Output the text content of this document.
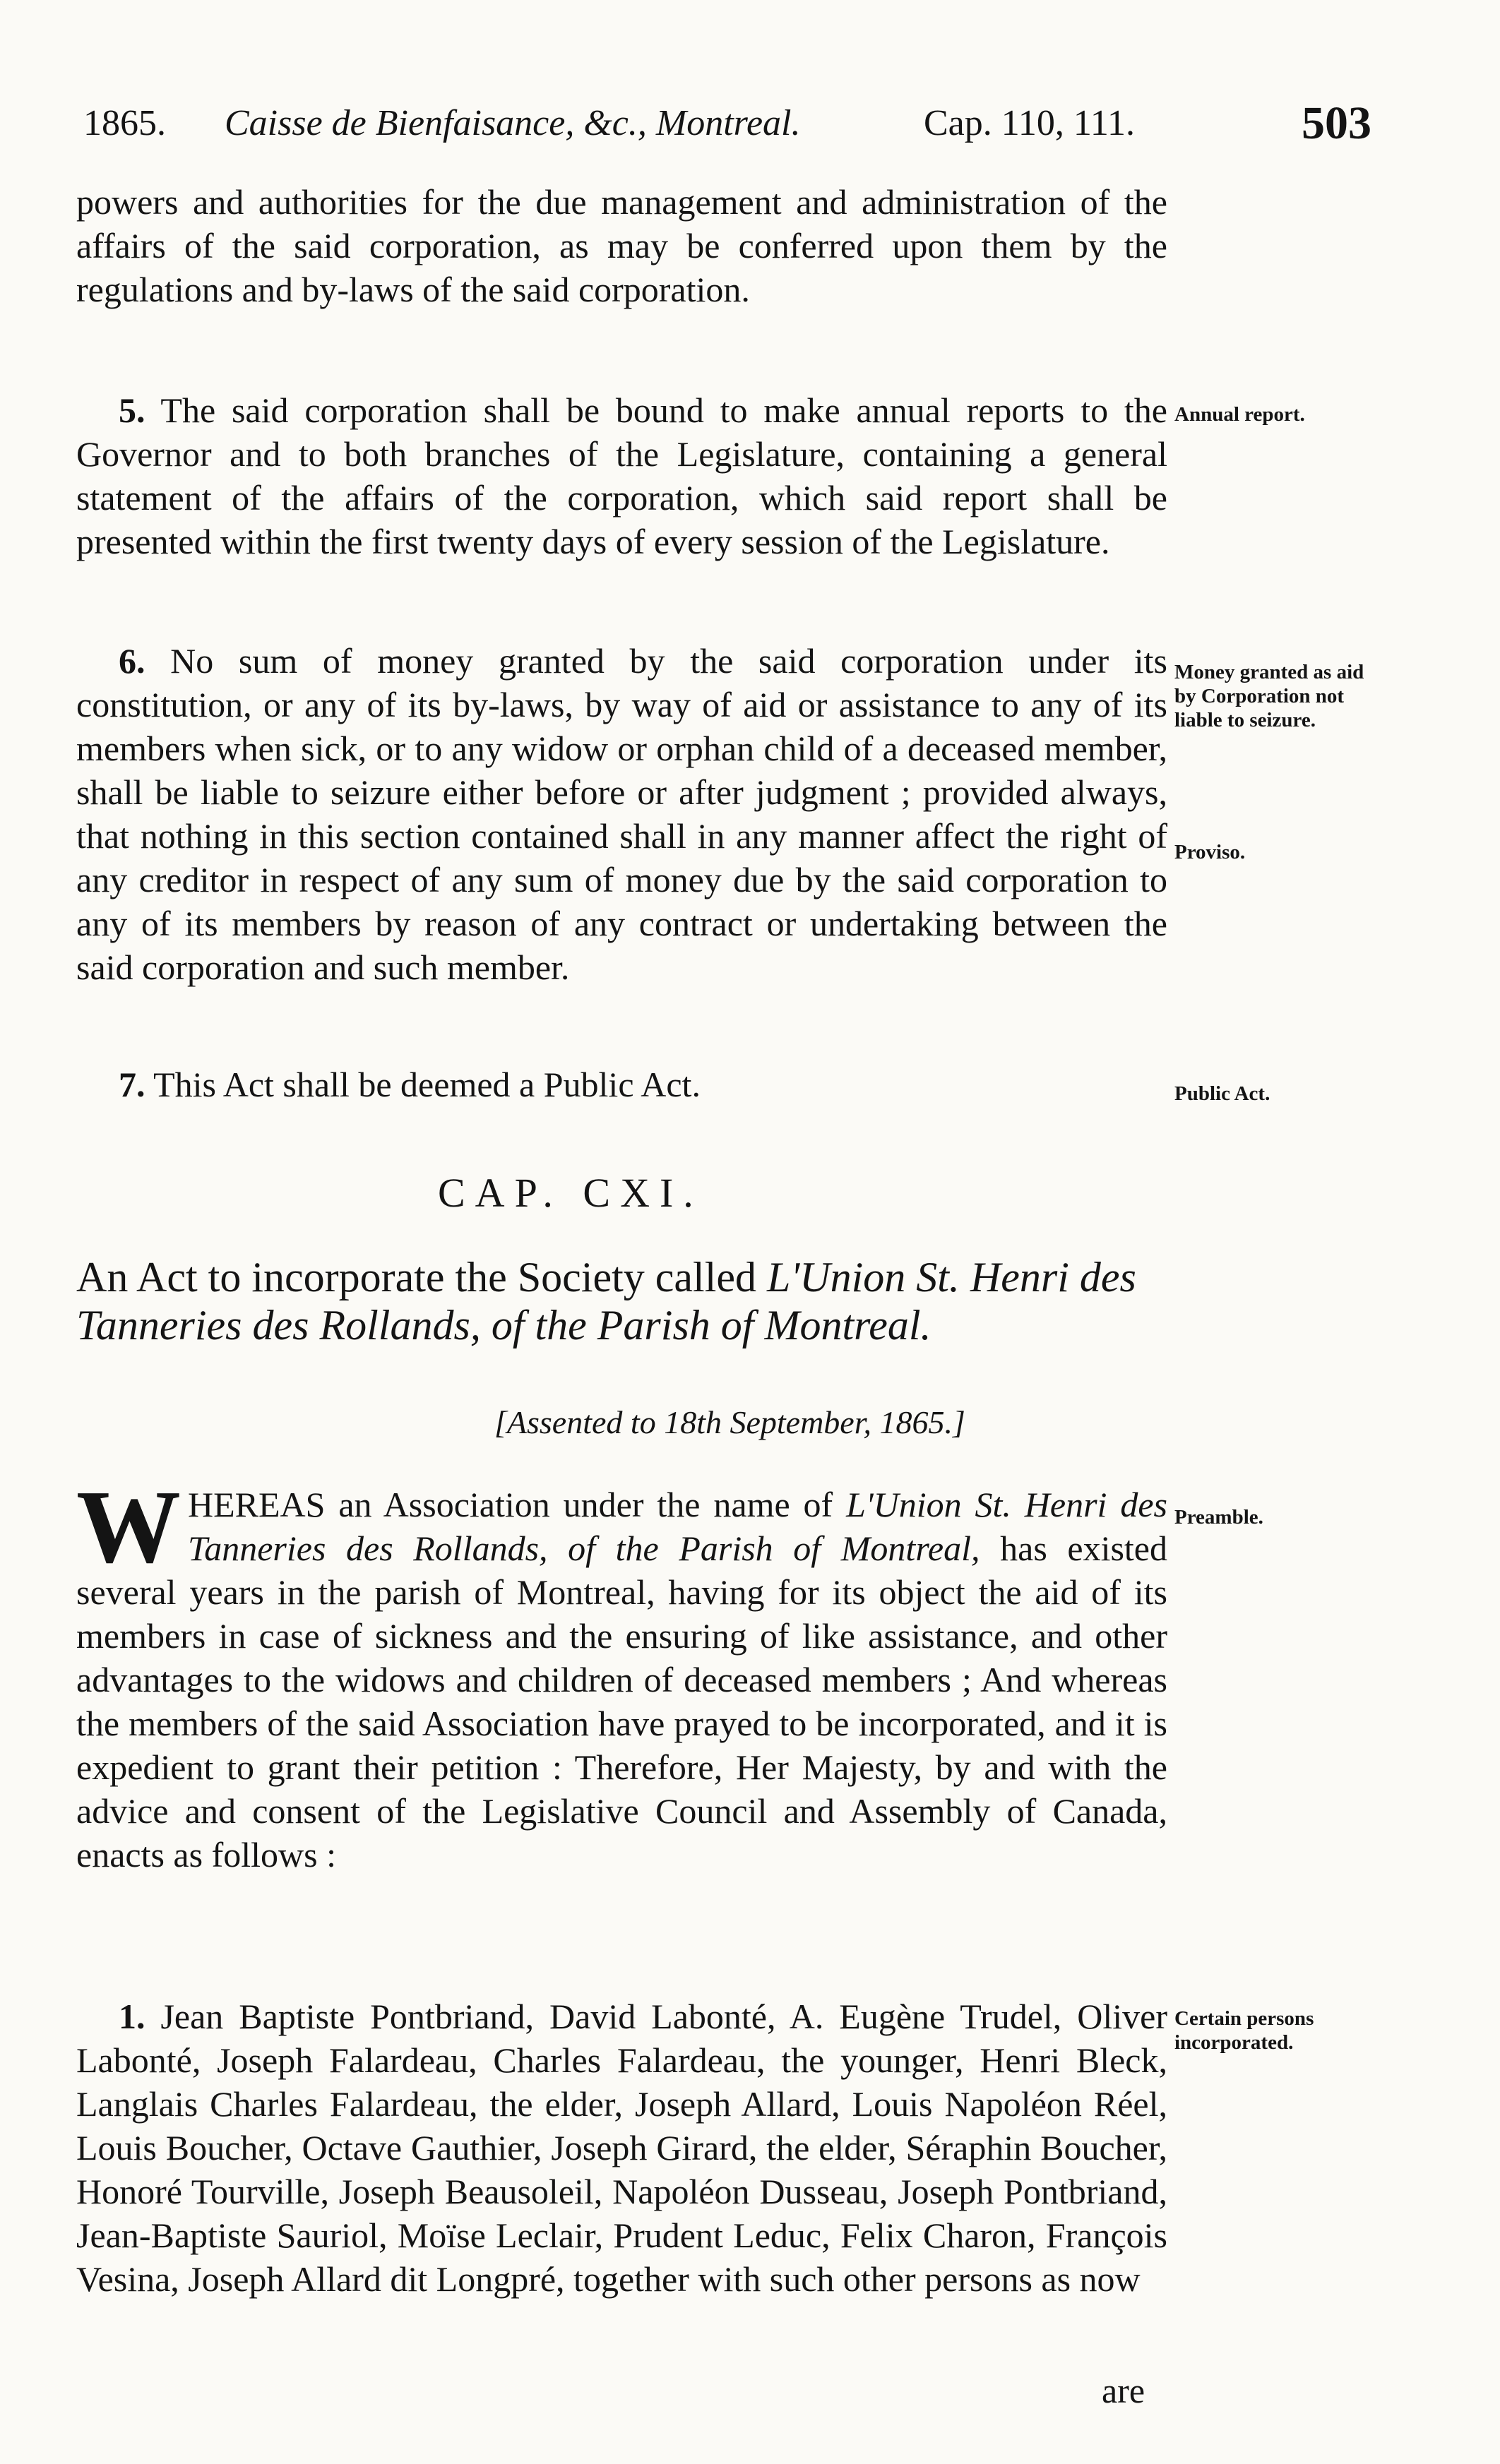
1865. Caisse de Bienfaisance, &c., Montreal.	Cap. 110, 111.	503

powers and authorities for the due management and administration of the affairs of the said corporation, as may be conferred upon them by the regulations and by-laws of the said corporation.

5. The said corporation shall be bound to make annual reports to the Governor and to both branches of the Legislature, containing a general statement of the affairs of the corporation, which said report shall be presented within the first twenty days of every session of the Legislature.

Annual report.

6. No sum of money granted by the said corporation under its constitution, or any of its by-laws, by way of aid or assistance to any of its members when sick, or to any widow or orphan child of a deceased member, shall be liable to seizure either before or after judgment ; provided always, that nothing in this section contained shall in any manner affect the right of any creditor in respect of any sum of money due by the said corporation to any of its members by reason of any contract or undertaking between the said corporation and such member.

Money granted as aid by Corporation not liable to seizure.
Proviso.

7. This Act shall be deemed a Public Act.	Public Act.
CAP. CXI.
An Act to incorporate the Society called L'Union St. Henri des Tanneries des Rollands, of the Parish of Montreal.
[Assented to 18th September, 1865.]

WHEREAS an Association under the name of L'Union St. Henri des Tanneries des Rollands, of the Parish of Montreal, has existed several years in the parish of Montreal, having for its object the aid of its members in case of sickness and the ensuring of like assistance, and other advantages to the widows and children of deceased members ; And whereas the members of the said Association have prayed to be incorporated, and it is expedient to grant their petition : Therefore, Her Majesty, by and with the advice and consent of the Legislative Council and Assembly of Canada, enacts as follows :

Preamble.

1. Jean Baptiste Pontbriand, David Labonté, A. Eugène Trudel, Oliver Labonté, Joseph Falardeau, Charles Falardeau, the younger, Henri Bleck, Langlais Charles Falardeau, the elder, Joseph Allard, Louis Napoléon Réel, Louis Boucher, Octave Gauthier, Joseph Girard, the elder, Séraphin Boucher, Honoré Tourville, Joseph Beausoleil, Napoléon Dusseau, Joseph Pontbriand, Jean-Baptiste Sauriol, Moïse Leclair, Prudent Leduc, Felix Charon, François Vesina, Joseph Allard dit Longpré, together with such other persons as now

Certain persons incorporated.
are
